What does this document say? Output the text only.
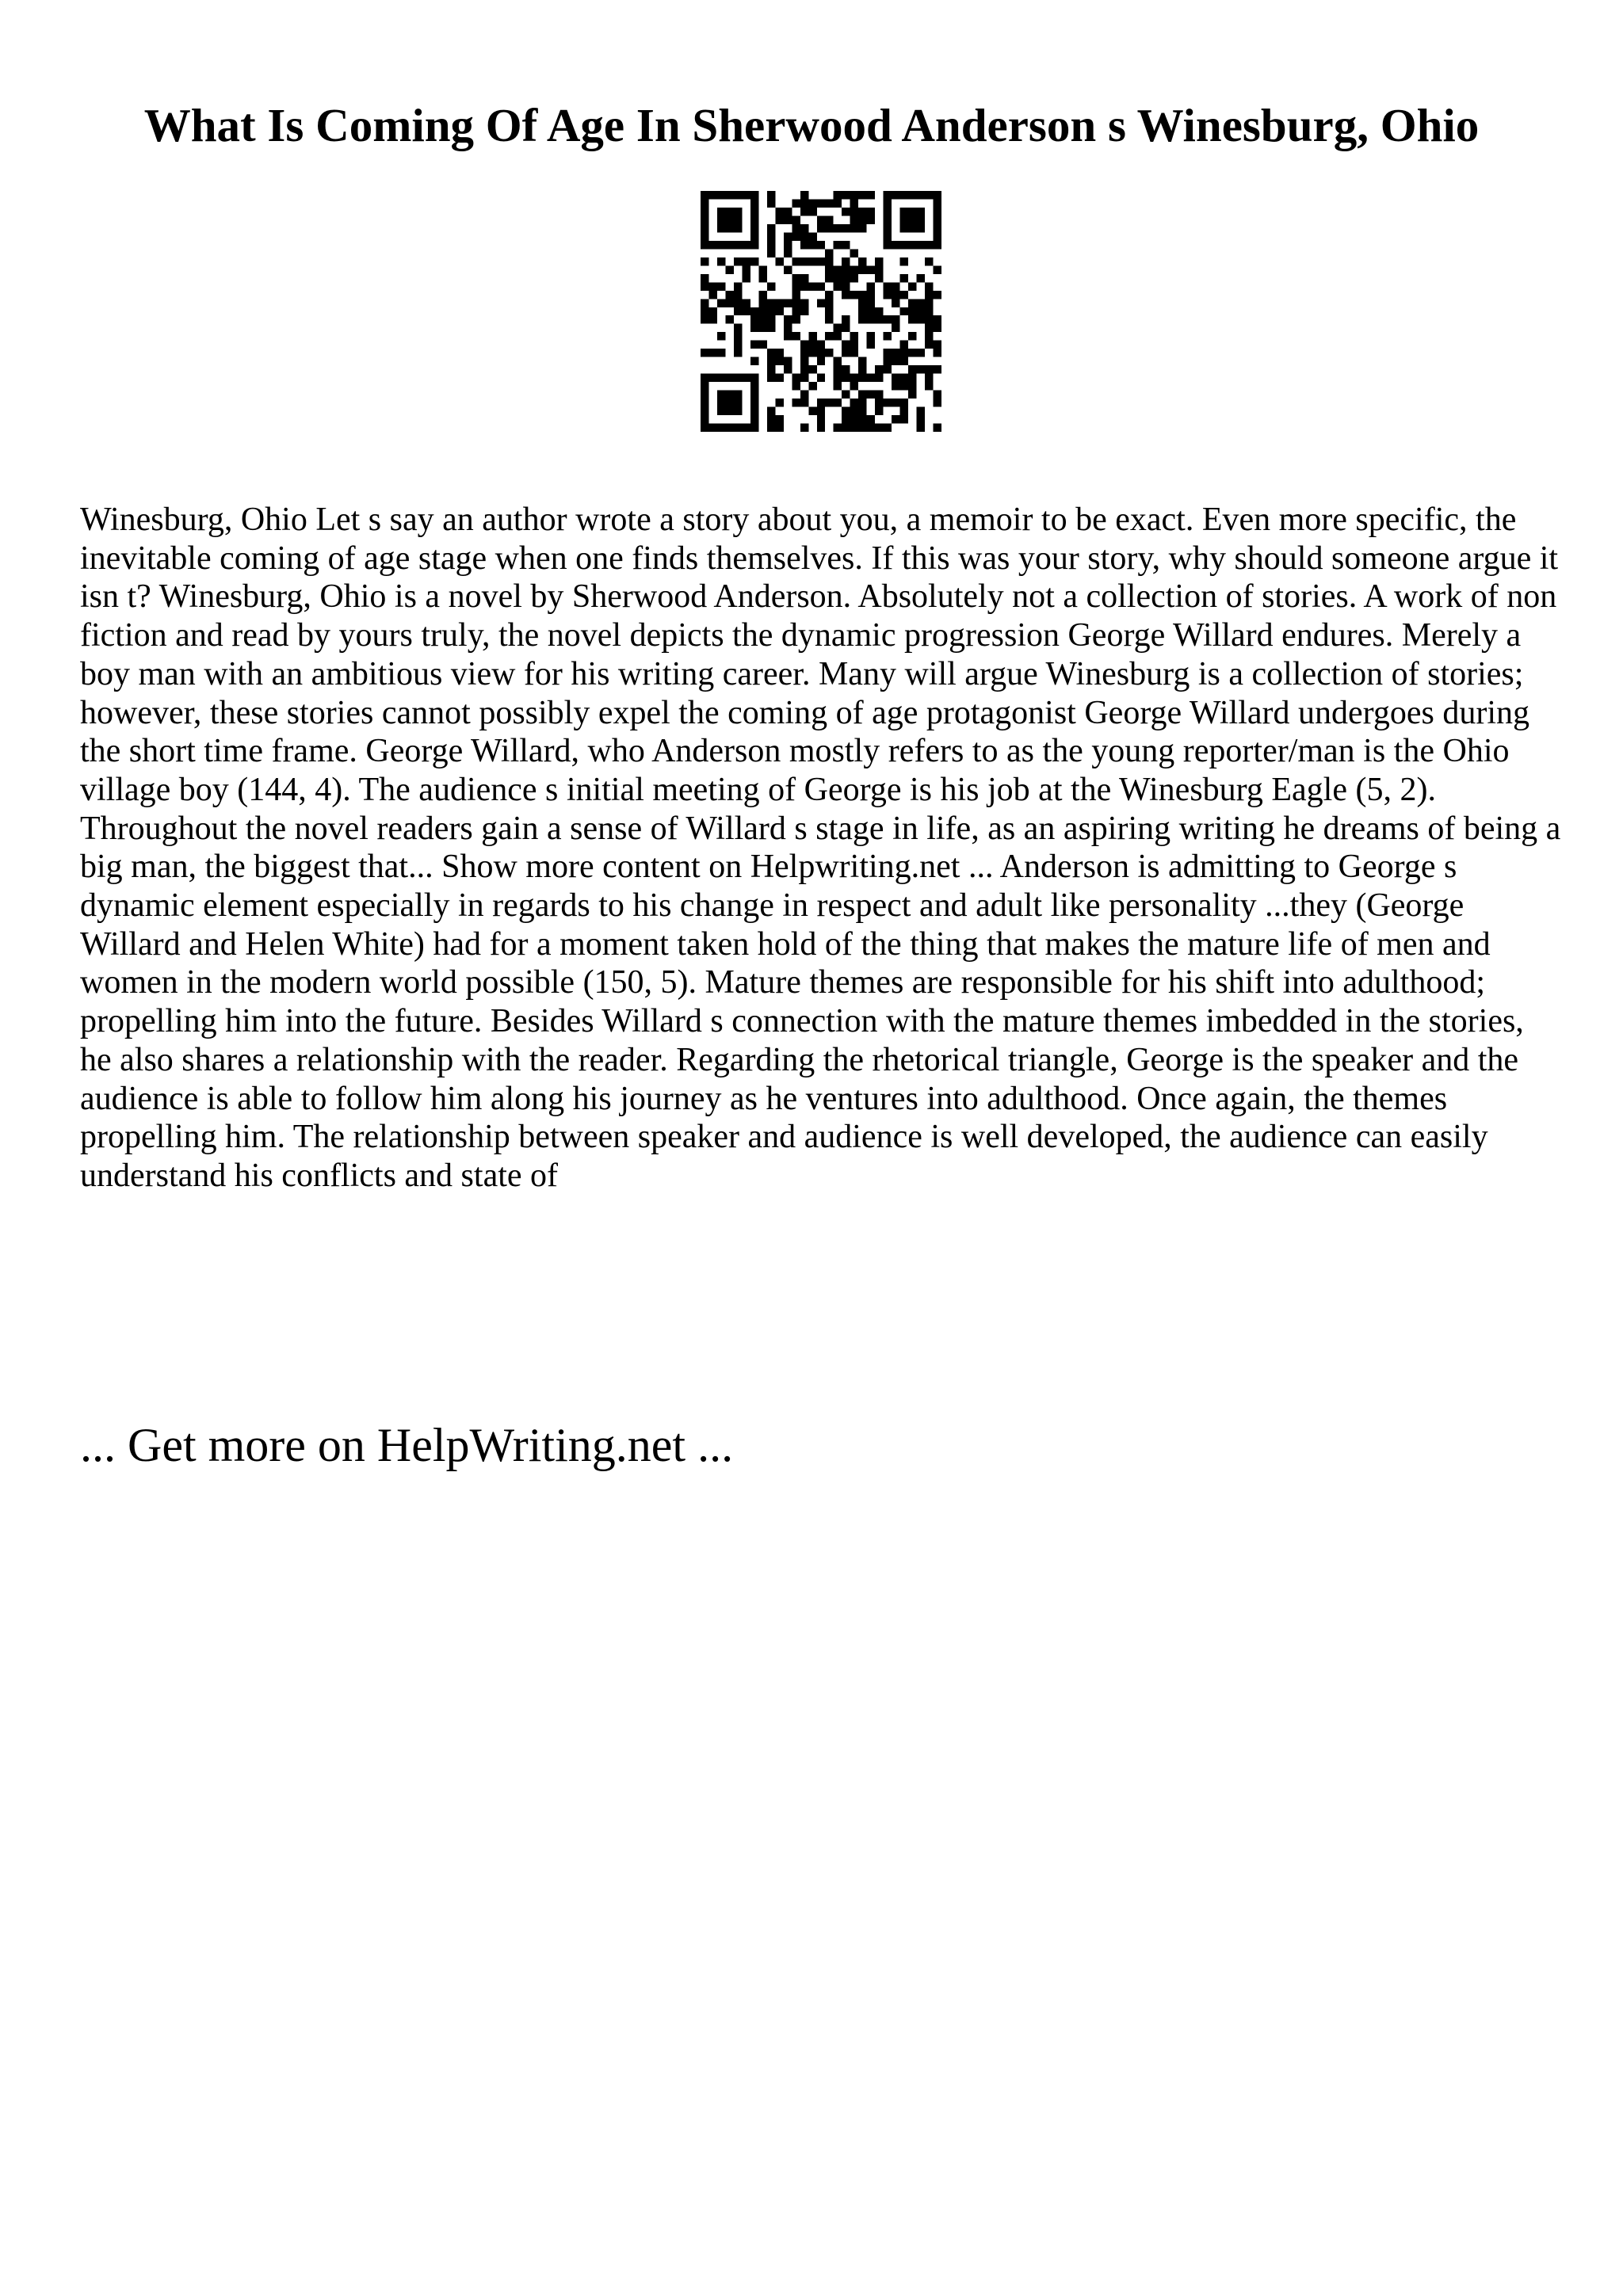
What Is Coming Of Age In Sherwood Anderson s Winesburg, Ohio

Winesburg, Ohio Let s say an author wrote a story about you, a memoir to be exact. Even more specific, the inevitable coming of age stage when one finds themselves. If this was your story, why should someone argue it isn t? Winesburg, Ohio is a novel by Sherwood Anderson. Absolutely not a collection of stories. A work of non fiction and read by yours truly, the novel depicts the dynamic progression George Willard endures. Merely a boy man with an ambitious view for his writing career. Many will argue Winesburg is a collection of stories; however, these stories cannot possibly expel the coming of age protagonist George Willard undergoes during the short time frame. George Willard, who Anderson mostly refers to as the young reporter/man is the Ohio village boy (144, 4). The audience s initial meeting of George is his job at the Winesburg Eagle (5, 2). Throughout the novel readers gain a sense of Willard s stage in life, as an aspiring writing he dreams of being a big man, the biggest that... Show more content on Helpwriting.net ... Anderson is admitting to George s dynamic element especially in regards to his change in respect and adult like personality ...they (George Willard and Helen White) had for a moment taken hold of the thing that makes the mature life of men and women in the modern world possible (150, 5). Mature themes are responsible for his shift into adulthood; propelling him into the future. Besides Willard s connection with the mature themes imbedded in the stories, he also shares a relationship with the reader. Regarding the rhetorical triangle, George is the speaker and the audience is able to follow him along his journey as he ventures into adulthood. Once again, the themes propelling him. The relationship between speaker and audience is well developed, the audience can easily understand his conflicts and state of

... Get more on HelpWriting.net ...
